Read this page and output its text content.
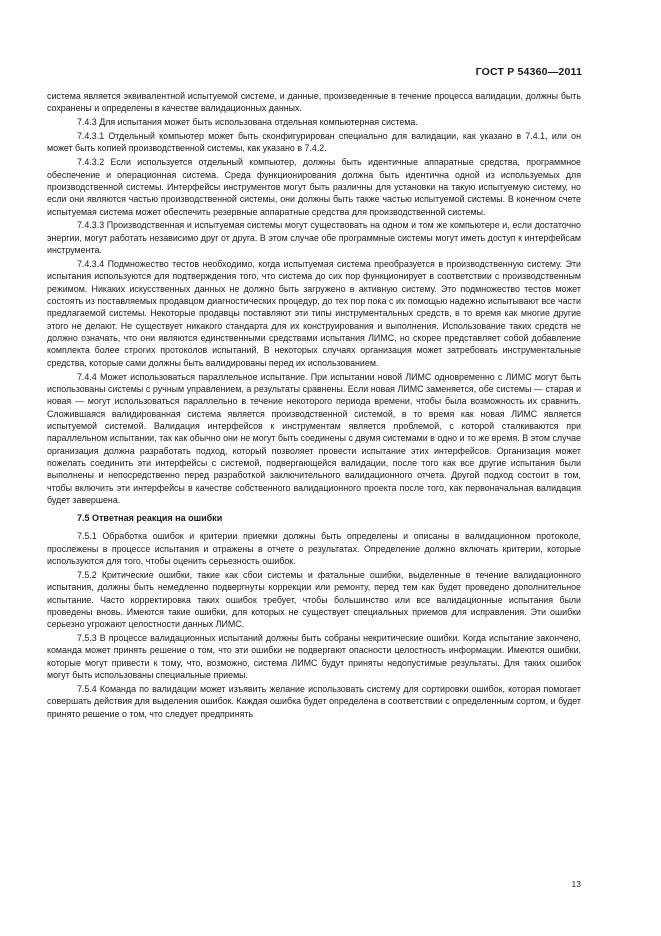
ГОСТ Р 54360—2011

система является эквивалентной испытуемой системе, и данные, произведенные в течение процесса валидации, должны быть сохранены и определены в качестве валидационных данных.

7.4.3 Для испытания может быть использована отдельная компьютерная система.

7.4.3.1 Отдельный компьютер может быть сконфигурирован специально для валидации, как указано в 7.4.1, или он может быть копией производственной системы, как указано в 7.4.2.

7.4.3.2 Если используется отдельный компьютер, должны быть идентичные аппаратные средства, программное обеспечение и операционная система. Среда функционирования должна быть идентична одной из используемых для производственной системы. Интерфейсы инструментов могут быть различны для установки на такую испытуемую систему, но если они являются частью производственной системы, они должны быть также частью испытуемой системы. В конечном счете испытуемая система может обеспечить резервные аппаратные средства для производственной системы.

7.4.3.3 Производственная и испытуемая системы могут существовать на одном и том же компьютере и, если достаточно энергии, могут работать независимо друг от друга. В этом случае обе программные системы могут иметь доступ к интерфейсам инструмента.

7.4.3.4 Подмножество тестов необходимо, когда испытуемая система преобразуется в производственную систему. Эти испытания используются для подтверждения того, что система до сих пор функционирует в соответствии с производственным режимом. Никаких искусственных данных не должно быть загружено в активную систему. Это подмножество тестов может состоять из поставляемых продавцом диагностических процедур, до тех пор пока с их помощью надежно испытывают все части предлагаемой системы. Некоторые продавцы поставляют эти типы инструментальных средств, в то время как многие другие этого не делают. Не существует никакого стандарта для их конструирования и выполнения. Использование таких средств не должно означать, что они являются единственными средствами испытания ЛИМС, но скорее представляет собой добавление комплекта более строгих протоколов испытаний. В некоторых случаях организация может затребовать инструментальные средства, которые сами должны быть валидированы перед их использованием.

7.4.4 Может использоваться параллельное испытание. При испытании новой ЛИМС одновременно с ЛИМС могут быть использованы системы с ручным управлением, а результаты сравнены. Если новая ЛИМС заменяется, обе системы — старая и новая — могут использоваться параллельно в течение некоторого периода времени, чтобы была возможность их сравнить. Сложившаяся валидированная система является производственной системой, в то время как новая ЛИМС является испытуемой системой. Валидация интерфейсов к инструментам является проблемой, с которой сталкиваются при параллельном испытании, так как обычно они не могут быть соединены с двумя системами в одно и то же время. В этом случае организация должна разработать подход, который позволяет провести испытание этих интерфейсов. Организация может пожелать соединить эти интерфейсы с системой, подвергающейся валидации, после того как все другие испытания были выполнены и непосредственно перед разработкой заключительного валидационного отчета. Другой подход состоит в том, чтобы включить эти интерфейсы в качестве собственного валидационного проекта после того, как первоначальная валидация будет завершена.

7.5 Ответная реакция на ошибки

7.5.1 Обработка ошибок и критерии приемки должны быть определены и описаны в валидационном протоколе, прослежены в процессе испытания и отражены в отчете о результатах. Определение должно включать критерии, которые используются для того, чтобы оценить серьезность ошибок.

7.5.2 Критические ошибки, такие как сбои системы и фатальные ошибки, выделенные в течение валидационного испытания, должны быть немедленно подвергнуты коррекции или ремонту, перед тем как будет проведено дополнительное испытание. Часто корректировка таких ошибок требует, чтобы большинство или все валидационные испытания были проведены вновь. Имеются такие ошибки, для которых не существует специальных приемов для исправления. Эти ошибки серьезно угрожают целостности данных ЛИМС.

7.5.3 В процессе валидационных испытаний должны быть собраны некритические ошибки. Когда испытание закончено, команда может принять решение о том, что эти ошибки не подвергают опасности целостность информации. Имеются ошибки, которые могут привести к тому, что, возможно, система ЛИМС будут приняты недопустимые результаты. Для таких ошибок могут быть использованы специальные приемы.

7.5.4 Команда по валидации может изъявить желание использовать систему для сортировки ошибок, которая помогает совершать действия для выделения ошибок. Каждая ошибка будет определена в соответствии с определенным сортом, и будет принято решение о том, что следует предпринять

13
